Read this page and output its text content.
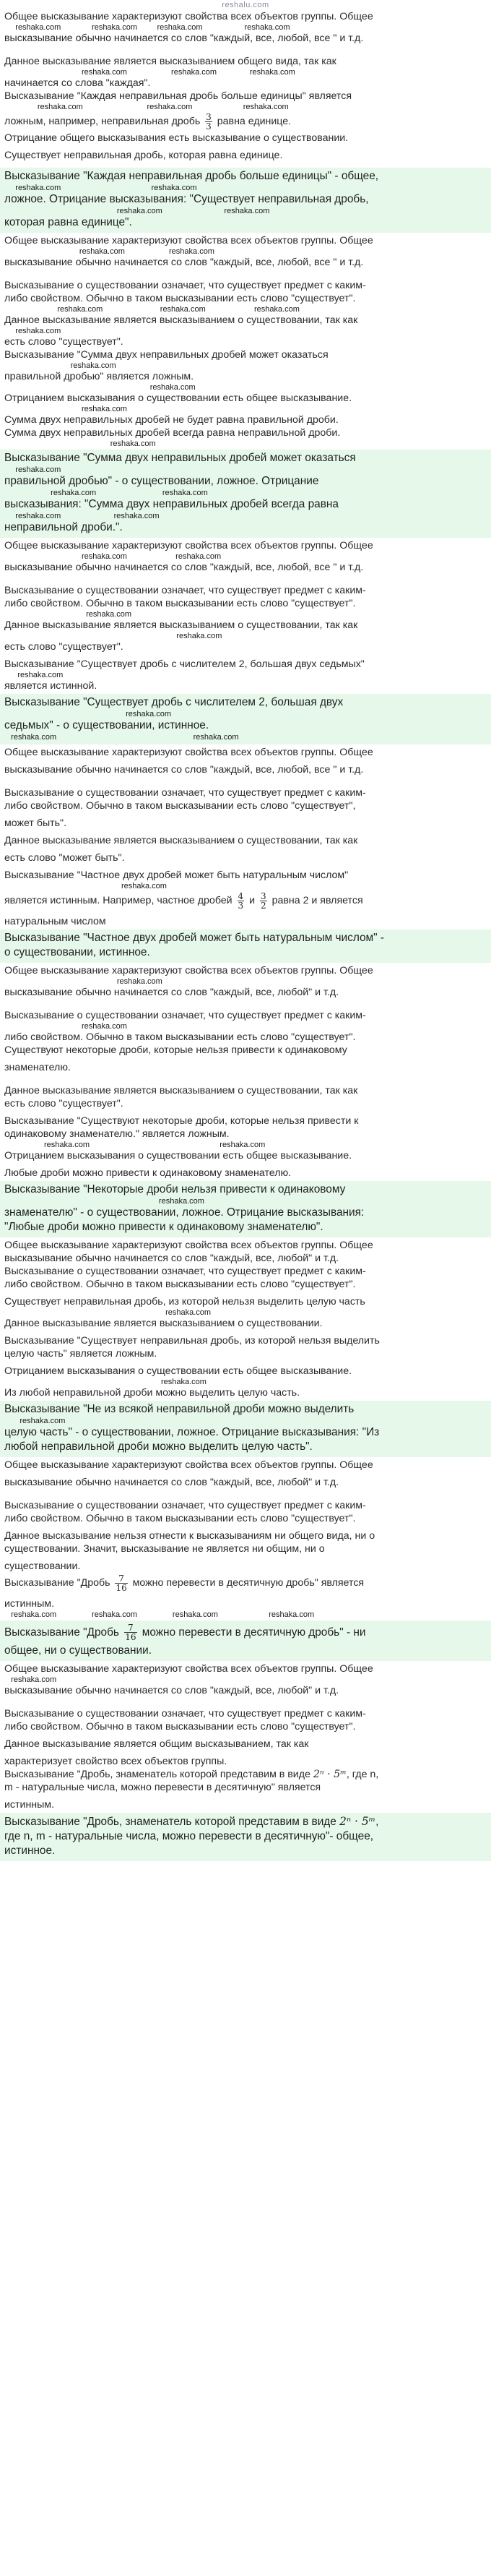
reshalu.com
Общее высказывание характеризуют свойства всех объектов группы. Общее
reshaka.com              reshaka.com         reshaka.com                   reshaka.com
высказывание обычно начинается со слов "каждый, все, любой, все " и т.д.
Данное высказывание является высказыванием общего вида, так как
reshaka.com                    reshaka.com               reshaka.com
начинается со слова "каждая".
Высказывание "Каждая неправильная дробь больше единицы" является
reshaka.com                             reshaka.com                       reshaka.com
ложным, например, неправильная дробь $\frac{3}{3}$ равна единице.
Отрицание общего высказывания есть высказывание о существовании.
Существует неправильная дробь, которая равна единице.
Высказывание "Каждая неправильная дробь больше единицы" - общее,
reshaka.com                                         reshaka.com
ложное. Отрицание высказывания: "Существует неправильная дробь,
reshaka.com                            reshaka.com
которая равна единице".
Общее высказывание характеризуют свойства всех объектов группы. Общее
reshaka.com                    reshaka.com
высказывание обычно начинается со слов "каждый, все, любой, все " и т.д.
Высказывание о существовании означает, что существует предмет с каким-
либо свойством. Обычно в таком высказывании есть слово "существует".
reshaka.com                          reshaka.com                      reshaka.com
Данное высказывание является высказыванием о существовании, так как
reshaka.com
есть слово "существует".
Высказывание "Сумма двух неправильных дробей может оказаться
reshaka.com
правильной дробью" является ложным.
reshaka.com
Отрицанием высказывания о существовании есть общее высказывание.
reshaka.com
Сумма двух неправильных дробей не будет равна правильной дроби.
Сумма двух неправильных дробей всегда равна неправильной дроби.
reshaka.com
Высказывание "Сумма двух неправильных дробей может оказаться
reshaka.com
правильной дробью" - о существовании, ложное. Отрицание
reshaka.com                              reshaka.com
высказывания: "Сумма двух неправильных дробей всегда равна
reshaka.com                        reshaka.com
неправильной дроби.".
Общее высказывание характеризуют свойства всех объектов группы. Общее
reshaka.com                      reshaka.com
высказывание обычно начинается со слов "каждый, все, любой, все " и т.д.
Высказывание о существовании означает, что существует предмет с каким-
либо свойством. Обычно в таком высказывании есть слово "существует".
reshaka.com
Данное высказывание является высказыванием о существовании, так как
reshaka.com
есть слово "существует".
Высказывание "Существует дробь с числителем 2, большая двух седьмых"
reshaka.com
является истинной.
Высказывание "Существует дробь с числителем 2, большая двух
reshaka.com
седьмых" - о существовании, истинное.
reshaka.com                                                              reshaka.com
Общее высказывание характеризуют свойства всех объектов группы. Общее
высказывание обычно начинается со слов "каждый, все, любой, все " и т.д.
Высказывание о существовании означает, что существует предмет с каким-
либо свойством. Обычно в таком высказывании есть слово "существует",
может быть".
Данное высказывание является высказыванием о существовании, так как
есть слово "может быть".
Высказывание "Частное двух дробей может быть натуральным числом"
reshaka.com
является истинным. Например, частное дробей $\frac{4}{3}$ и $\frac{3}{2}$ равна 2 и является
натуральным числом
Высказывание "Частное двух дробей может быть натуральным числом" -
о существовании, истинное.
Общее высказывание характеризуют свойства всех объектов группы. Общее
reshaka.com
высказывание обычно начинается со слов "каждый, все, любой" и т.д.
Высказывание о существовании означает, что существует предмет с каким-
reshaka.com
либо свойством. Обычно в таком высказывании есть слово "существует".
Существуют некоторые дроби, которые нельзя привести к одинаковому
знаменателю.
Данное высказывание является высказыванием о существовании, так как
есть слово "существует".
Высказывание "Существуют некоторые дроби, которые нельзя привести к
одинаковому знаменателю." является ложным.
reshaka.com                                                           reshaka.com
Отрицанием высказывания о существовании есть общее высказывание.
Любые дроби можно привести к одинаковому знаменателю.
Высказывание "Некоторые дроби нельзя привести к одинаковому
reshaka.com
знаменателю" - о существовании, ложное. Отрицание высказывания:
"Любые дроби можно привести к одинаковому знаменателю".
Общее высказывание характеризуют свойства всех объектов группы. Общее
высказывание обычно начинается со слов "каждый, все, любой" и т.д.
Высказывание о существовании означает, что существует предмет с каким-
либо свойством. Обычно в таком высказывании есть слово "существует".
Существует неправильная дробь, из которой нельзя выделить целую часть
reshaka.com
Данное высказывание является высказыванием о существовании.
Высказывание "Существует неправильная дробь, из которой нельзя выделить
целую часть" является ложным.
Отрицанием высказывания о существовании есть общее высказывание.
reshaka.com
Из любой неправильной дроби можно выделить целую часть.
Высказывание "Не из всякой неправильной дроби можно выделить
reshaka.com
целую часть" - о существовании, ложное. Отрицание высказывания: "Из
любой неправильной дроби можно выделить целую часть".
Общее высказывание характеризуют свойства всех объектов группы. Общее
высказывание обычно начинается со слов "каждый, все, любой" и т.д.
Высказывание о существовании означает, что существует предмет с каким-
либо свойством. Обычно в таком высказывании есть слово "существует".
Данное высказывание нельзя отнести к высказываниям ни общего вида, ни о
существовании. Значит, высказывание не является ни общим, ни о
существовании.
Высказывание "Дробь $\frac{7}{16}$ можно перевести в десятичную дробь" является
истинным.
reshaka.com                reshaka.com                reshaka.com                       reshaka.com
Высказывание "Дробь $\frac{7}{16}$ можно перевести в десятичную дробь" - ни
общее, ни о существовании.
Общее высказывание характеризуют свойства всех объектов группы. Общее
reshaka.com
высказывание обычно начинается со слов "каждый, все, любой" и т.д.
Высказывание о существовании означает, что существует предмет с каким-
либо свойством. Обычно в таком высказывании есть слово "существует".
Данное высказывание является общим высказыванием, так как
характеризует свойство всех объектов группы.
Высказывание "Дробь, знаменатель которой представим в виде 2ⁿ · 5ᵐ, где n,
m - натуральные числа, можно перевести в десятичную" является
истинным.
Высказывание "Дробь, знаменатель которой представим в виде 2ⁿ · 5ᵐ,
где n, m - натуральные числа, можно перевести в десятичную"- общее,
истинное.
